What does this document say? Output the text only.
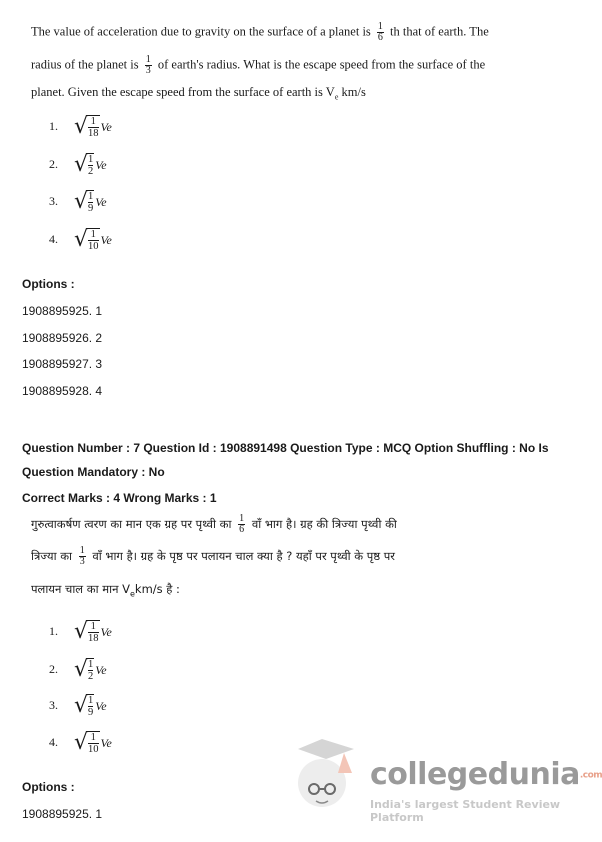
The value of acceleration due to gravity on the surface of a planet is $\frac{1}{6}$ th that of earth. The
radius of the planet is $\frac{1}{3}$ of earth's radius. What is the escape speed from the surface of the
planet. Given the escape speed from the surface of earth is $V_e$ km/s
1. √ 1
18 Ve
2. √ 1
2 Ve
3. √ 1
9 Ve
4. √ 1
10 Ve
Options :
1908895925. 1
1908895926. 2
1908895927. 3
1908895928. 4
Question Number : 7 Question Id : 1908891498 Question Type : MCQ Option Shuffling : No Is
Question Mandatory : No
Correct Marks : 4 Wrong Marks : 1
गुरुत्वाकर्षण त्वरण का मान एक ग्रह पर पृथ्वी का $\frac{1}{6}$ वाँ भाग है। ग्रह की त्रिज्या पृथ्वी की
त्रिज्या का $\frac{1}{3}$ वाँ भाग है। ग्रह के पृष्ठ पर पलायन चाल क्या है ? यहाँ पर पृथ्वी के पृष्ठ पर
पलायन चाल का मान $V_ekm/s$ है :
1. √ 1
18 Ve
2. √ 1
2 Ve
3. √ 1
9 Ve
4. √ 1
10 Ve
Options :
1908895925. 1
collegedunia.com
India's largest Student Review Platform
